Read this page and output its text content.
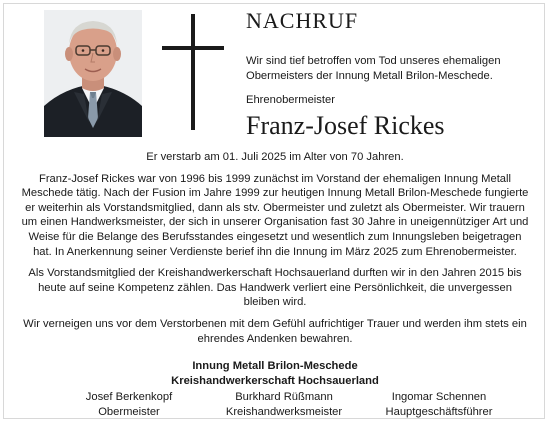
NACHRUF

Wir sind tief betroffen vom Tod unseres ehemaligen Obermeisters der Innung Metall Brilon-Meschede.

Ehrenobermeister

Franz-Josef Rickes

Er verstarb am 01. Juli 2025 im Alter von 70 Jahren.

Franz-Josef Rickes war von 1996 bis 1999 zunächst im Vorstand der ehemaligen Innung Metall Meschede tätig. Nach der Fusion im Jahre 1999 zur heutigen Innung Metall Brilon-Meschede fungierte er weiterhin als Vorstandsmitglied, dann als stv. Obermeister und zuletzt als Obermeister. Wir trauern um einen Handwerksmeister, der sich in unserer Organisation fast 30 Jahre in uneigennütziger Art und Weise für die Belange des Berufsstandes eingesetzt und wesentlich zum Innungsleben beigetragen hat. In Anerkennung seiner Verdienste berief ihn die Innung im März 2025 zum Ehrenobermeister.

Als Vorstandsmitglied der Kreishandwerkerschaft Hochsauerland durften wir in den Jahren 2015 bis heute auf seine Kompetenz zählen. Das Handwerk verliert eine Persönlichkeit, die unvergessen bleiben wird.

Wir verneigen uns vor dem Verstorbenen mit dem Gefühl aufrichtiger Trauer und werden ihm stets ein ehrendes Andenken bewahren.

Innung Metall Brilon-Meschede
Kreishandwerkerschaft Hochsauerland
Josef Berkenkopf
Obermeister
Burkhard Rüßmann
Kreishandwerksmeister
Ingomar Schennen
Hauptgeschäftsführer
